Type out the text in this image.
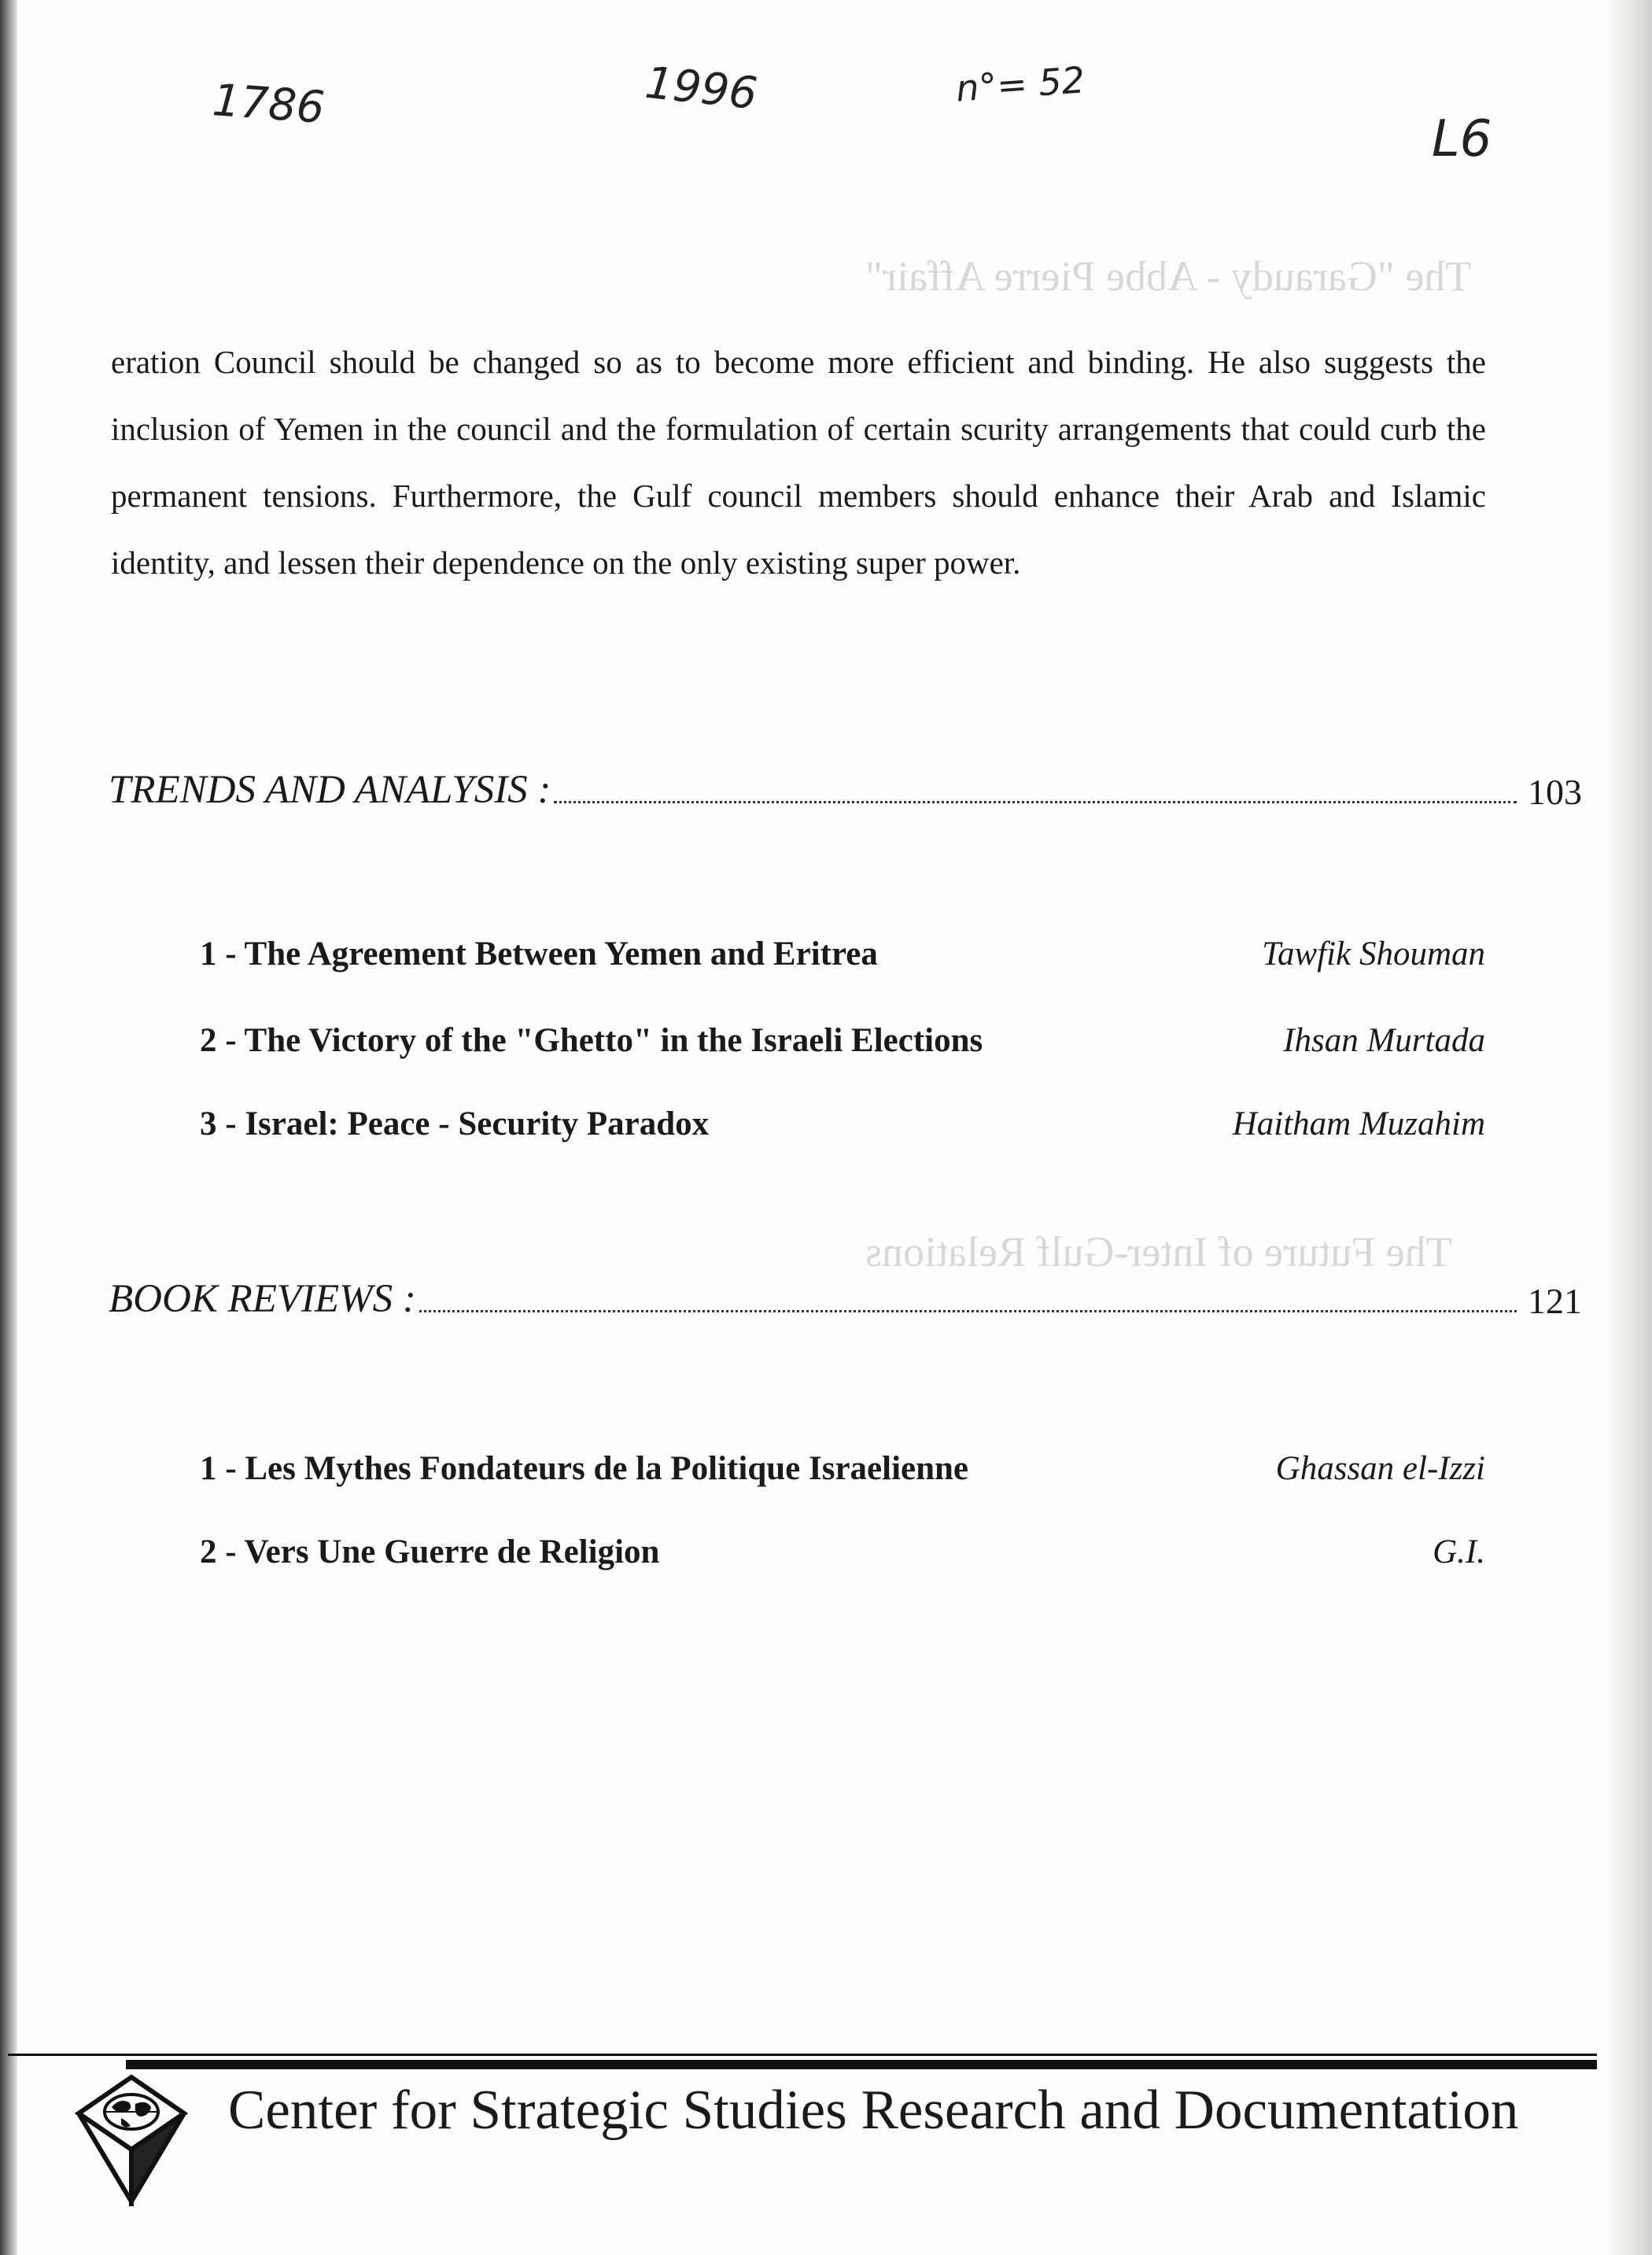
1786	1996	n°= 52
L6
The "Garaudy - Abbe Pierre Affair"
The Future of Inter-Gulf Relations

eration Council should be changed so as to become more efficient and binding. He also suggests the inclusion of Yemen in the council and the formulation of certain scurity arrangements that could curb the permanent tensions. Furthermore, the Gulf council members should enhance their Arab and Islamic identity, and lessen their dependence on the only existing super power.

TRENDS AND ANALYSIS :	103
1 - The Agreement Between Yemen and Eritrea	Tawfik Shouman
2 - The Victory of the "Ghetto" in the Israeli Elections	Ihsan Murtada
3 - Israel: Peace - Security Paradox	Haitham Muzahim
BOOK REVIEWS :	121
1 - Les Mythes Fondateurs de la Politique Israelienne	Ghassan el-Izzi
2 - Vers Une Guerre de Religion	G.I.
Center for Strategic Studies Research and Documentation
